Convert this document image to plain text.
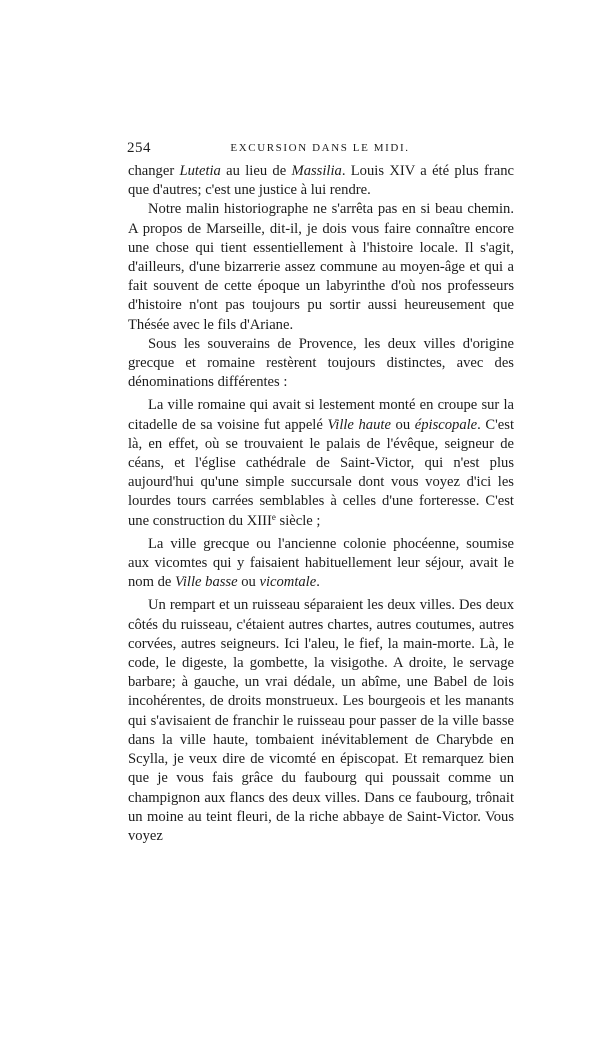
254	EXCURSION DANS LE MIDI.

changer Lutetia au lieu de Massilia. Louis XIV a été plus franc que d'autres; c'est une justice à lui rendre.

Notre malin historiographe ne s'arrêta pas en si beau chemin. A propos de Marseille, dit-il, je dois vous faire connaître encore une chose qui tient essentiellement à l'histoire locale. Il s'agit, d'ailleurs, d'une bizarrerie assez commune au moyen-âge et qui a fait souvent de cette époque un labyrinthe d'où nos professeurs d'histoire n'ont pas toujours pu sortir aussi heureusement que Thésée avec le fils d'Ariane.

Sous les souverains de Provence, les deux villes d'origine grecque et romaine restèrent toujours distinctes, avec des dénominations différentes :

La ville romaine qui avait si lestement monté en croupe sur la citadelle de sa voisine fut appelé Ville haute ou épiscopale. C'est là, en effet, où se trouvaient le palais de l'évêque, seigneur de céans, et l'église cathédrale de Saint-Victor, qui n'est plus aujourd'hui qu'une simple succursale dont vous voyez d'ici les lourdes tours carrées semblables à celles d'une forteresse. C'est une construction du XIIIe siècle ;

La ville grecque ou l'ancienne colonie phocéenne, soumise aux vicomtes qui y faisaient habituellement leur séjour, avait le nom de Ville basse ou vicomtale.

Un rempart et un ruisseau séparaient les deux villes. Des deux côtés du ruisseau, c'étaient autres chartes, autres coutumes, autres corvées, autres seigneurs. Ici l'aleu, le fief, la main-morte. Là, le code, le digeste, la gombette, la visigothe. A droite, le servage barbare; à gauche, un vrai dédale, un abîme, une Babel de lois incohérentes, de droits monstrueux. Les bourgeois et les manants qui s'avisaient de franchir le ruisseau pour passer de la ville basse dans la ville haute, tombaient inévitablement de Charybde en Scylla, je veux dire de vicomté en épiscopat. Et remarquez bien que je vous fais grâce du faubourg qui poussait comme un champignon aux flancs des deux villes. Dans ce faubourg, trônait un moine au teint fleuri, de la riche abbaye de Saint-Victor. Vous voyez
